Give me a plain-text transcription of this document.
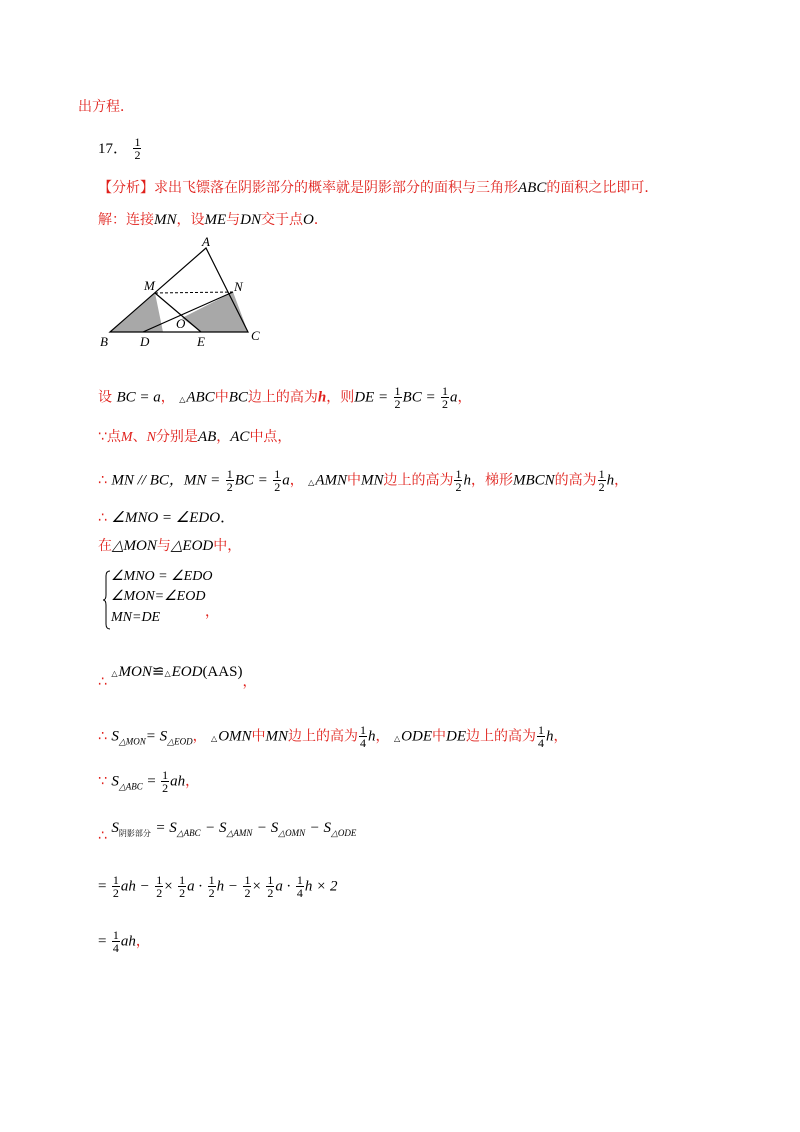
出方程．
17． $\frac{1}{2}$
【分析】求出飞镖落在阴影部分的概率就是阴影部分的面积与三角形ABC的面积之比即可．
解：连接MN，设ME与DN交于点O．
A
M	N
O
B D	E	C
设 BC = a， △ABC中BC边上的高为h，则DE = $\frac{1}{2}$ BC = $\frac{1}{2}$ a，
∵点M、N分别是AB，AC中点，
∴ MN // BC，MN = $\frac{1}{2}$ BC = $\frac{1}{2}$ a， △AMN中MN边上的高为 $\frac{1}{2}$ h，梯形MBCN的高为 $\frac{1}{2}$ h，
∴ ∠MNO = ∠EDO．
在△MON与△EOD中，
∠MNO = ∠EDO
∠MON=∠EOD
MN=DE	，
∴ △MON≌△EOD(AAS)，
∴ $S_{\triangle MON}= S_{\triangle EOD}$， △OMN中MN边上的高为 $\frac{1}{4}$ h， △ODE中DE边上的高为 $\frac{1}{4}$ h，
∵ $S_{\triangle ABC} = \frac{1}{2}$ ah，
∴ $S_{阴影部分} = S_{\triangle ABC} - S_{\triangle AMN} - S_{\triangle OMN} - S_{\triangle ODE}$
= $\frac{1}{2}$ ah − $\frac{1}{2} \times \frac{1}{2}$ $a \cdot \frac{1}{2}$ $h - \frac{1}{2} \times \frac{1}{2}$ $a \cdot \frac{1}{4}$ h × 2
= $\frac{1}{4}$ ah，
